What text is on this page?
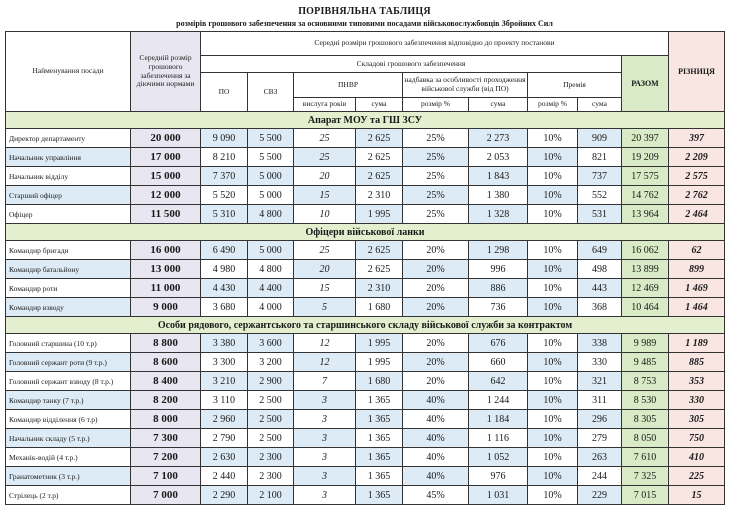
ПОРІВНЯЛЬНА ТАБЛИЦЯ
розмірів грошового забезпечення за основними типовими посадами військовослужбовців Збройних Сил
Найменування посади	Середній розмір грошового забезпечення за діючими нормами	Середні розміри грошового забезпечення відповідно до проекту постанови									РІЗНИЦЯ
		Складові грошового забезпечення								РАЗОМ	
		ПО	СВЗ	ПНВР		надбавка за особливості проходження військової служби (від ПО)		Премія			
				вислуга років	сума	розмір %	сума	розмір %	сума		
Апарат МОУ та ГШ ЗСУ											
Директор департаменту	20 000	9 090	5 500	25	2 625	25%	2 273	10%	909	20 397	397
Начальник управління	17 000	8 210	5 500	25	2 625	25%	2 053	10%	821	19 209	2 209
Начальник відділу	15 000	7 370	5 000	20	2 625	25%	1 843	10%	737	17 575	2 575
Старший офіцер	12 000	5 520	5 000	15	2 310	25%	1 380	10%	552	14 762	2 762
Офіцер	11 500	5 310	4 800	10	1 995	25%	1 328	10%	531	13 964	2 464
Офіцери військової ланки											
Командир бригади	16 000	6 490	5 000	25	2 625	20%	1 298	10%	649	16 062	62
Командир батальйону	13 000	4 980	4 800	20	2 625	20%	996	10%	498	13 899	899
Командир роти	11 000	4 430	4 400	15	2 310	20%	886	10%	443	12 469	1 469
Командир взводу	9 000	3 680	4 000	5	1 680	20%	736	10%	368	10 464	1 464
Особи рядового, сержантського та старшинського складу військової служби за контрактом											
Головний старшина (10 т.р)	8 800	3 380	3 600	12	1 995	20%	676	10%	338	9 989	1 189
Головний сержант роти (9 т.р.)	8 600	3 300	3 200	12	1 995	20%	660	10%	330	9 485	885
Головний сержант взводу (8 т.р.)	8 400	3 210	2 900	7	1 680	20%	642	10%	321	8 753	353
Командир танку (7 т.р.)	8 200	3 110	2 500	3	1 365	40%	1 244	10%	311	8 530	330
Командир відділення (6 т.р)	8 000	2 960	2 500	3	1 365	40%	1 184	10%	296	8 305	305
Начальник складу (5 т.р.)	7 300	2 790	2 500	3	1 365	40%	1 116	10%	279	8 050	750
Механік-водій (4 т.р.)	7 200	2 630	2 300	3	1 365	40%	1 052	10%	263	7 610	410
Гранатометник (3 т.р.)	7 100	2 440	2 300	3	1 365	40%	976	10%	244	7 325	225
Стрілець (2 т.р)	7 000	2 290	2 100	3	1 365	45%	1 031	10%	229	7 015	15
